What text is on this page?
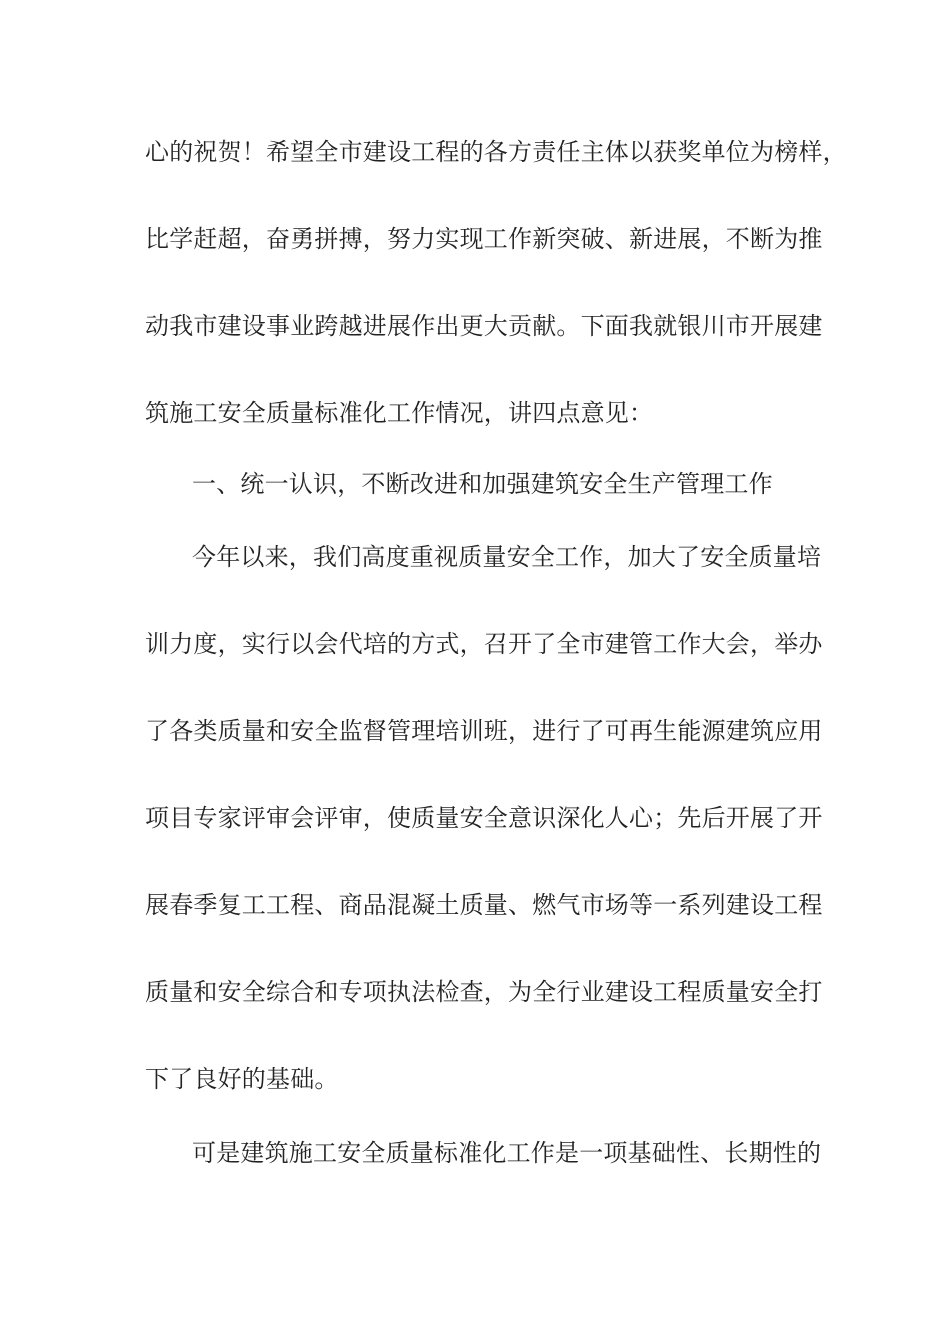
心的祝贺！希望全市建设工程的各方责任主体以获奖单位为榜样，
比学赶超，奋勇拼搏，努力实现工作新突破、新进展，不断为推
动我市建设事业跨越进展作出更大贡献。下面我就银川市开展建
筑施工安全质量标准化工作情况，讲四点意见：
一、统一认识，不断改进和加强建筑安全生产管理工作
今年以来，我们高度重视质量安全工作，加大了安全质量培
训力度，实行以会代培的方式，召开了全市建管工作大会，举办
了各类质量和安全监督管理培训班，进行了可再生能源建筑应用
项目专家评审会评审，使质量安全意识深化人心；先后开展了开
展春季复工工程、商品混凝土质量、燃气市场等一系列建设工程
质量和安全综合和专项执法检查，为全行业建设工程质量安全打
下了良好的基础。
可是建筑施工安全质量标准化工作是一项基础性、长期性的
